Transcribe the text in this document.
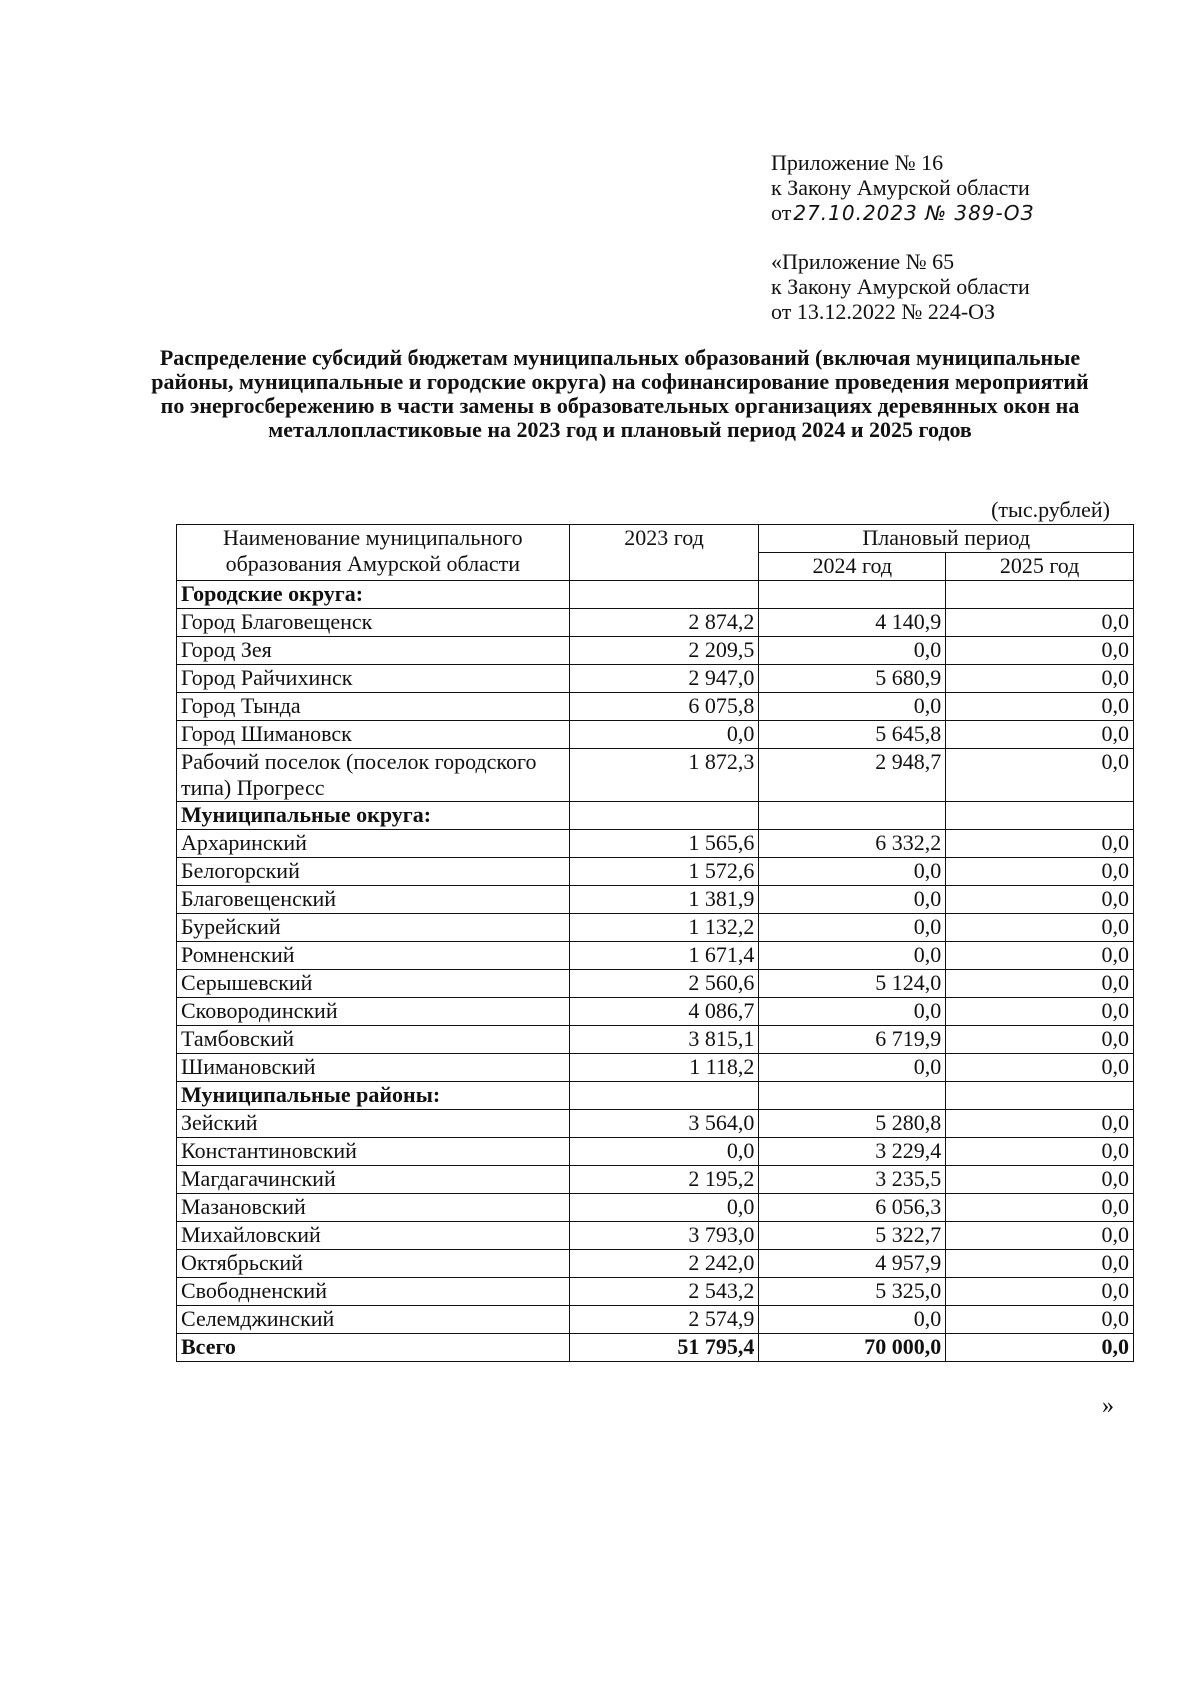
Приложение № 16
к Закону Амурской области
от 27.10.2023 № 389-ОЗ
«Приложение № 65
к Закону Амурской области
от 13.12.2022 № 224-ОЗ
Распределение субсидий бюджетам муниципальных образований (включая муниципальные районы, муниципальные и городские округа) на софинансирование проведения мероприятий по энергосбережению в части замены в образовательных организациях деревянных окон на металлопластиковые на 2023 год и плановый период 2024 и 2025 годов
(тыс.рублей)
Наименование муниципального образования Амурской области	2023 год	Плановый период	
		2024 год	2025 год
Городские округа:			
Город Благовещенск	2 874,2	4 140,9	0,0
Город Зея	2 209,5	0,0	0,0
Город Райчихинск	2 947,0	5 680,9	0,0
Город Тында	6 075,8	0,0	0,0
Город Шимановск	0,0	5 645,8	0,0
Рабочий поселок (поселок городского типа) Прогресс	1 872,3	2 948,7	0,0
Муниципальные округа:			
Архаринский	1 565,6	6 332,2	0,0
Белогорский	1 572,6	0,0	0,0
Благовещенский	1 381,9	0,0	0,0
Бурейский	1 132,2	0,0	0,0
Ромненский	1 671,4	0,0	0,0
Серышевский	2 560,6	5 124,0	0,0
Сковородинский	4 086,7	0,0	0,0
Тамбовский	3 815,1	6 719,9	0,0
Шимановский	1 118,2	0,0	0,0
Муниципальные районы:			
Зейский	3 564,0	5 280,8	0,0
Константиновский	0,0	3 229,4	0,0
Магдагачинский	2 195,2	3 235,5	0,0
Мазановский	0,0	6 056,3	0,0
Михайловский	3 793,0	5 322,7	0,0
Октябрьский	2 242,0	4 957,9	0,0
Свободненский	2 543,2	5 325,0	0,0
Селемджинский	2 574,9	0,0	0,0
Всего	51 795,4	70 000,0	0,0
»
